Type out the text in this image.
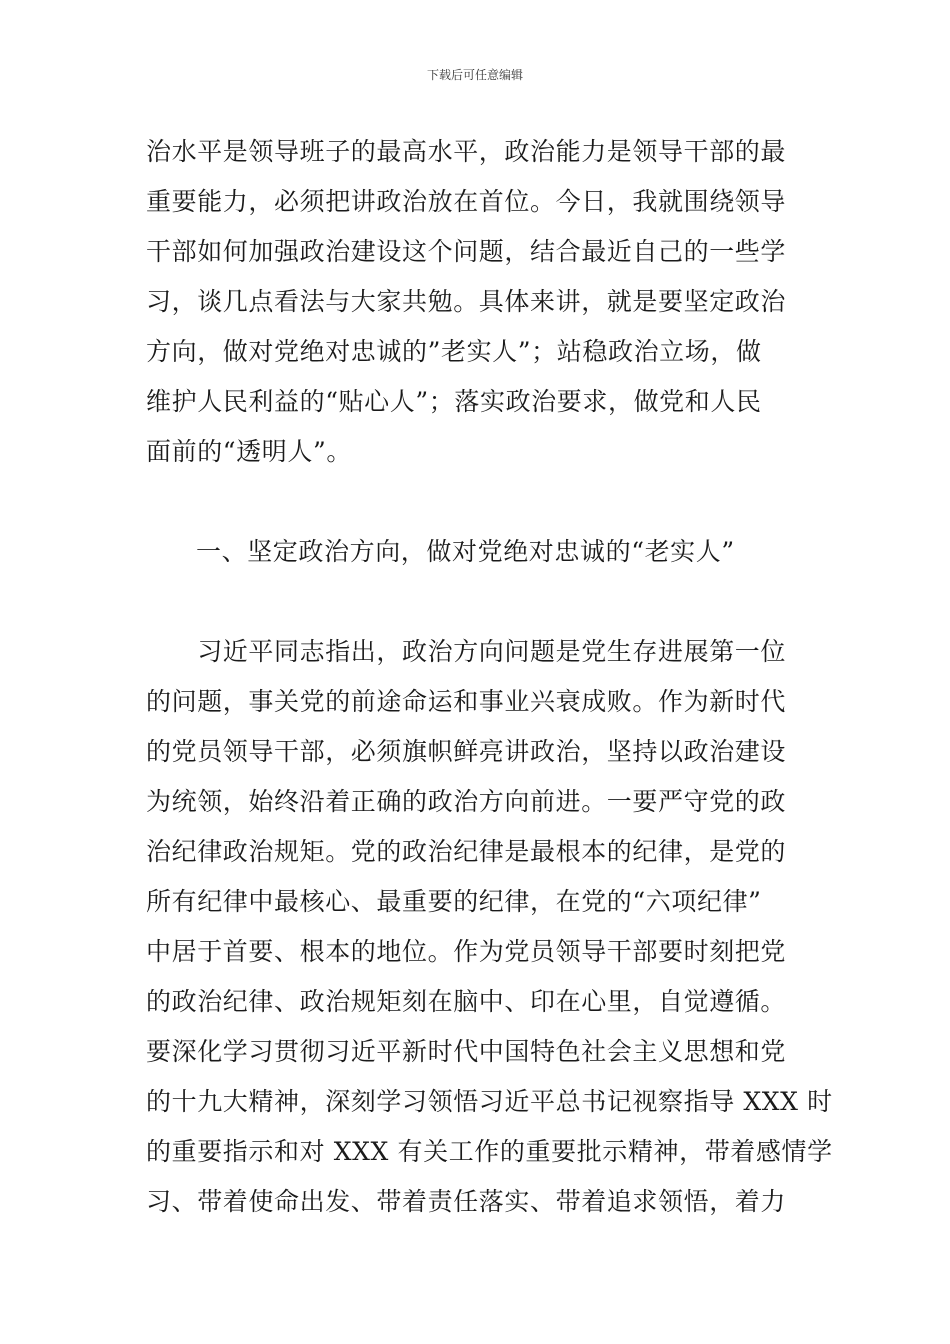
下载后可任意编辑
治水平是领导班子的最高水平，政治能力是领导干部的最
重要能力，必须把讲政治放在首位。今日，我就围绕领导
干部如何加强政治建设这个问题，结合最近自己的一些学
习，谈几点看法与大家共勉。具体来讲，就是要坚定政治
方向，做对党绝对忠诚的”老实人”；站稳政治立场，做
维护人民利益的“贴心人”；落实政治要求，做党和人民
面前的“透明人”。
一、坚定政治方向，做对党绝对忠诚的“老实人”
　　习近平同志指出，政治方向问题是党生存进展第一位
的问题，事关党的前途命运和事业兴衰成败。作为新时代
的党员领导干部，必须旗帜鲜亮讲政治，坚持以政治建设
为统领，始终沿着正确的政治方向前进。一要严守党的政
治纪律政治规矩。党的政治纪律是最根本的纪律，是党的
所有纪律中最核心、最重要的纪律，在党的“六项纪律”
中居于首要、根本的地位。作为党员领导干部要时刻把党
的政治纪律、政治规矩刻在脑中、印在心里，自觉遵循。
要深化学习贯彻习近平新时代中国特色社会主义思想和党
的十九大精神，深刻学习领悟习近平总书记视察指导 XXX 时
的重要指示和对 XXX 有关工作的重要批示精神，带着感情学
习、带着使命出发、带着责任落实、带着追求领悟，着力
